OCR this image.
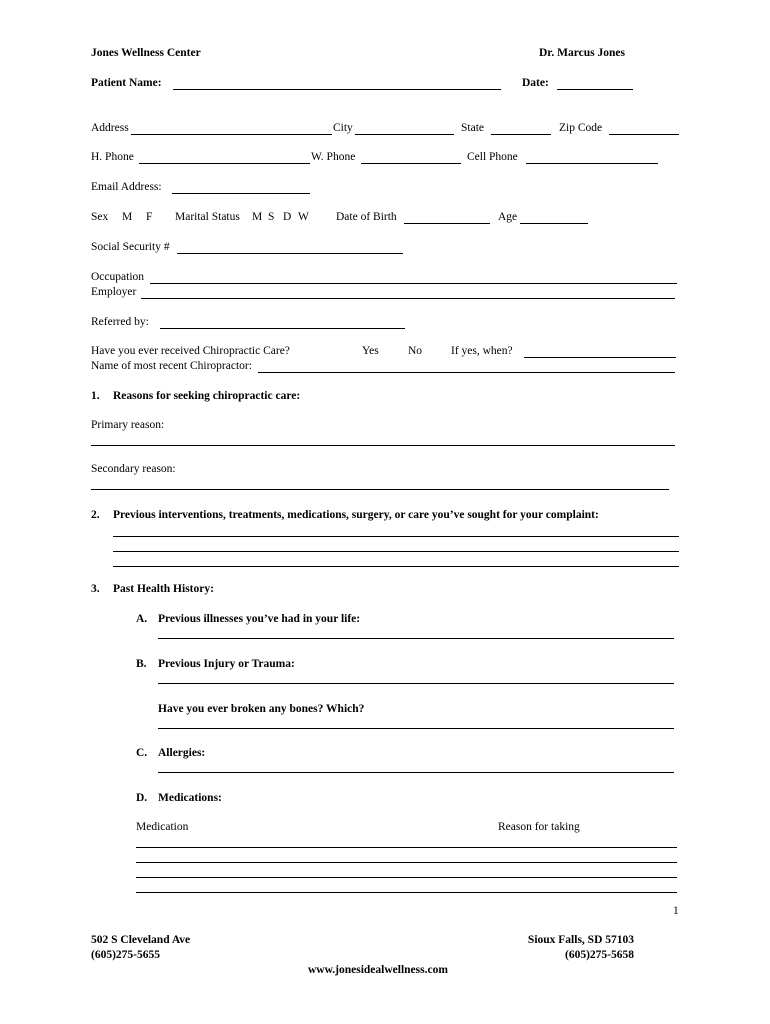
Jones Wellness Center	Dr. Marcus Jones
Patient Name:	Date:
Address	City	State	Zip Code
H. Phone	W. Phone	Cell Phone
Email Address:
Sex M F Marital Status M S D W Date of Birth	Age
Social Security #
Occupation
Employer
Referred by:
Have you ever received Chiropractic Care?	Yes	No	If yes, when?
Name of most recent Chiropractor:
1. Reasons for seeking chiropractic care:
Primary reason:
Secondary reason:
2. Previous interventions, treatments, medications, surgery, or care you’ve sought for your complaint:
3. Past Health History:
A. Previous illnesses you’ve had in your life:
B. Previous Injury or Trauma:
Have you ever broken any bones? Which?
C. Allergies:
D. Medications:
Medication	Reason for taking
1
502 S Cleveland Ave
(605)275-5655
Sioux Falls, SD 57103
(605)275-5658
www.jonesidealwellness.com
